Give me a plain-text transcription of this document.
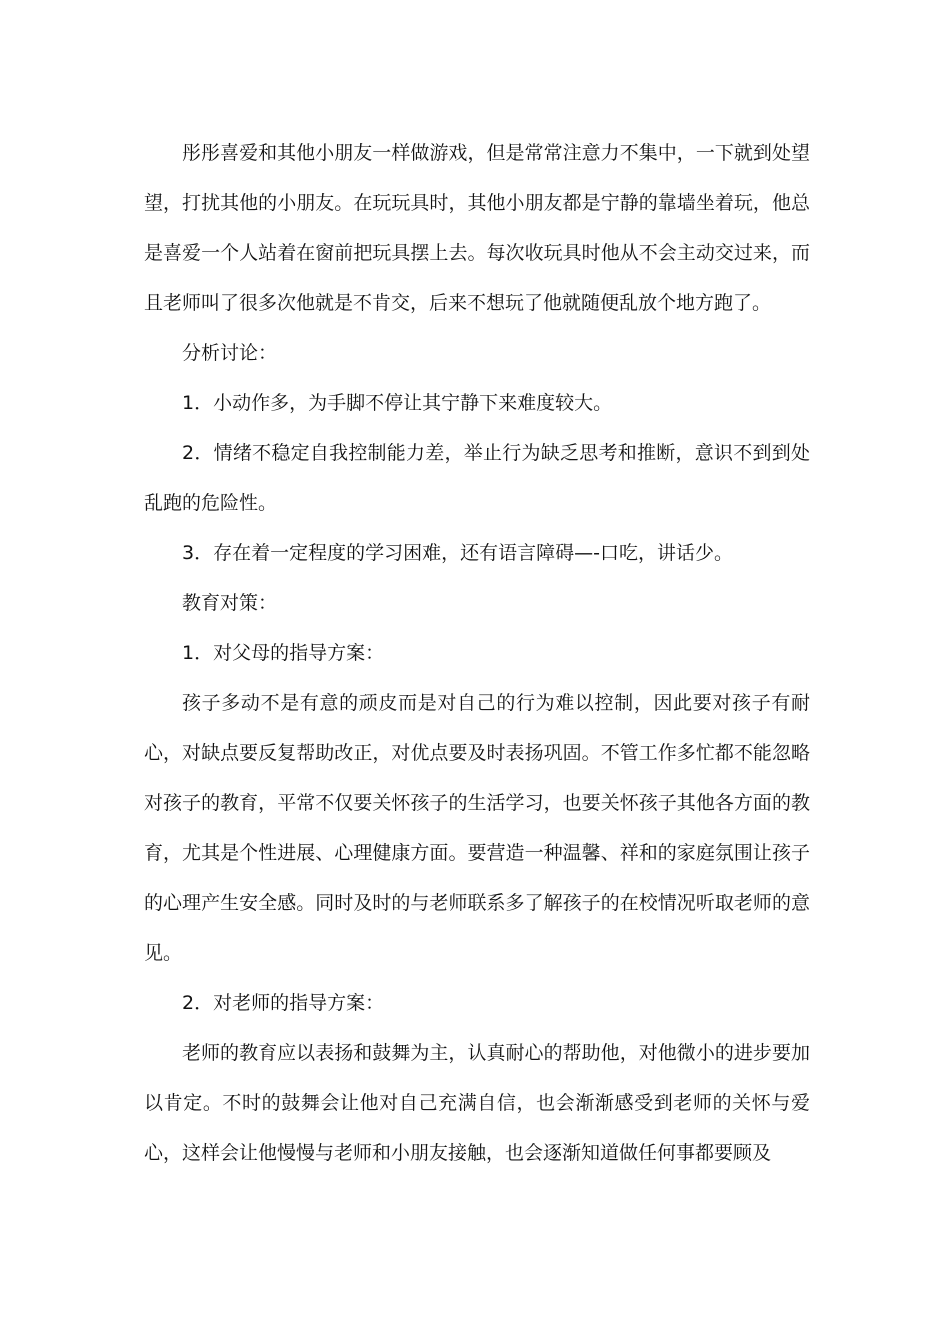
彤彤喜爱和其他小朋友一样做游戏，但是常常注意力不集中，一下就到处望望，打扰其他的小朋友。在玩玩具时，其他小朋友都是宁静的靠墙坐着玩，他总是喜爱一个人站着在窗前把玩具摆上去。每次收玩具时他从不会主动交过来，而且老师叫了很多次他就是不肯交，后来不想玩了他就随便乱放个地方跑了。

分析讨论：

1．小动作多，为手脚不停让其宁静下来难度较大。

2．情绪不稳定自我控制能力差，举止行为缺乏思考和推断，意识不到到处乱跑的危险性。

3．存在着一定程度的学习困难，还有语言障碍—-口吃，讲话少。

教育对策：

1．对父母的指导方案：

孩子多动不是有意的顽皮而是对自己的行为难以控制，因此要对孩子有耐心，对缺点要反复帮助改正，对优点要及时表扬巩固。不管工作多忙都不能忽略对孩子的教育，平常不仅要关怀孩子的生活学习，也要关怀孩子其他各方面的教育，尤其是个性进展、心理健康方面。要营造一种温馨、祥和的家庭氛围让孩子的心理产生安全感。同时及时的与老师联系多了解孩子的在校情况听取老师的意见。

2．对老师的指导方案：

老师的教育应以表扬和鼓舞为主，认真耐心的帮助他，对他微小的进步要加以肯定。不时的鼓舞会让他对自己充满自信，也会渐渐感受到老师的关怀与爱心，这样会让他慢慢与老师和小朋友接触，也会逐渐知道做任何事都要顾及
